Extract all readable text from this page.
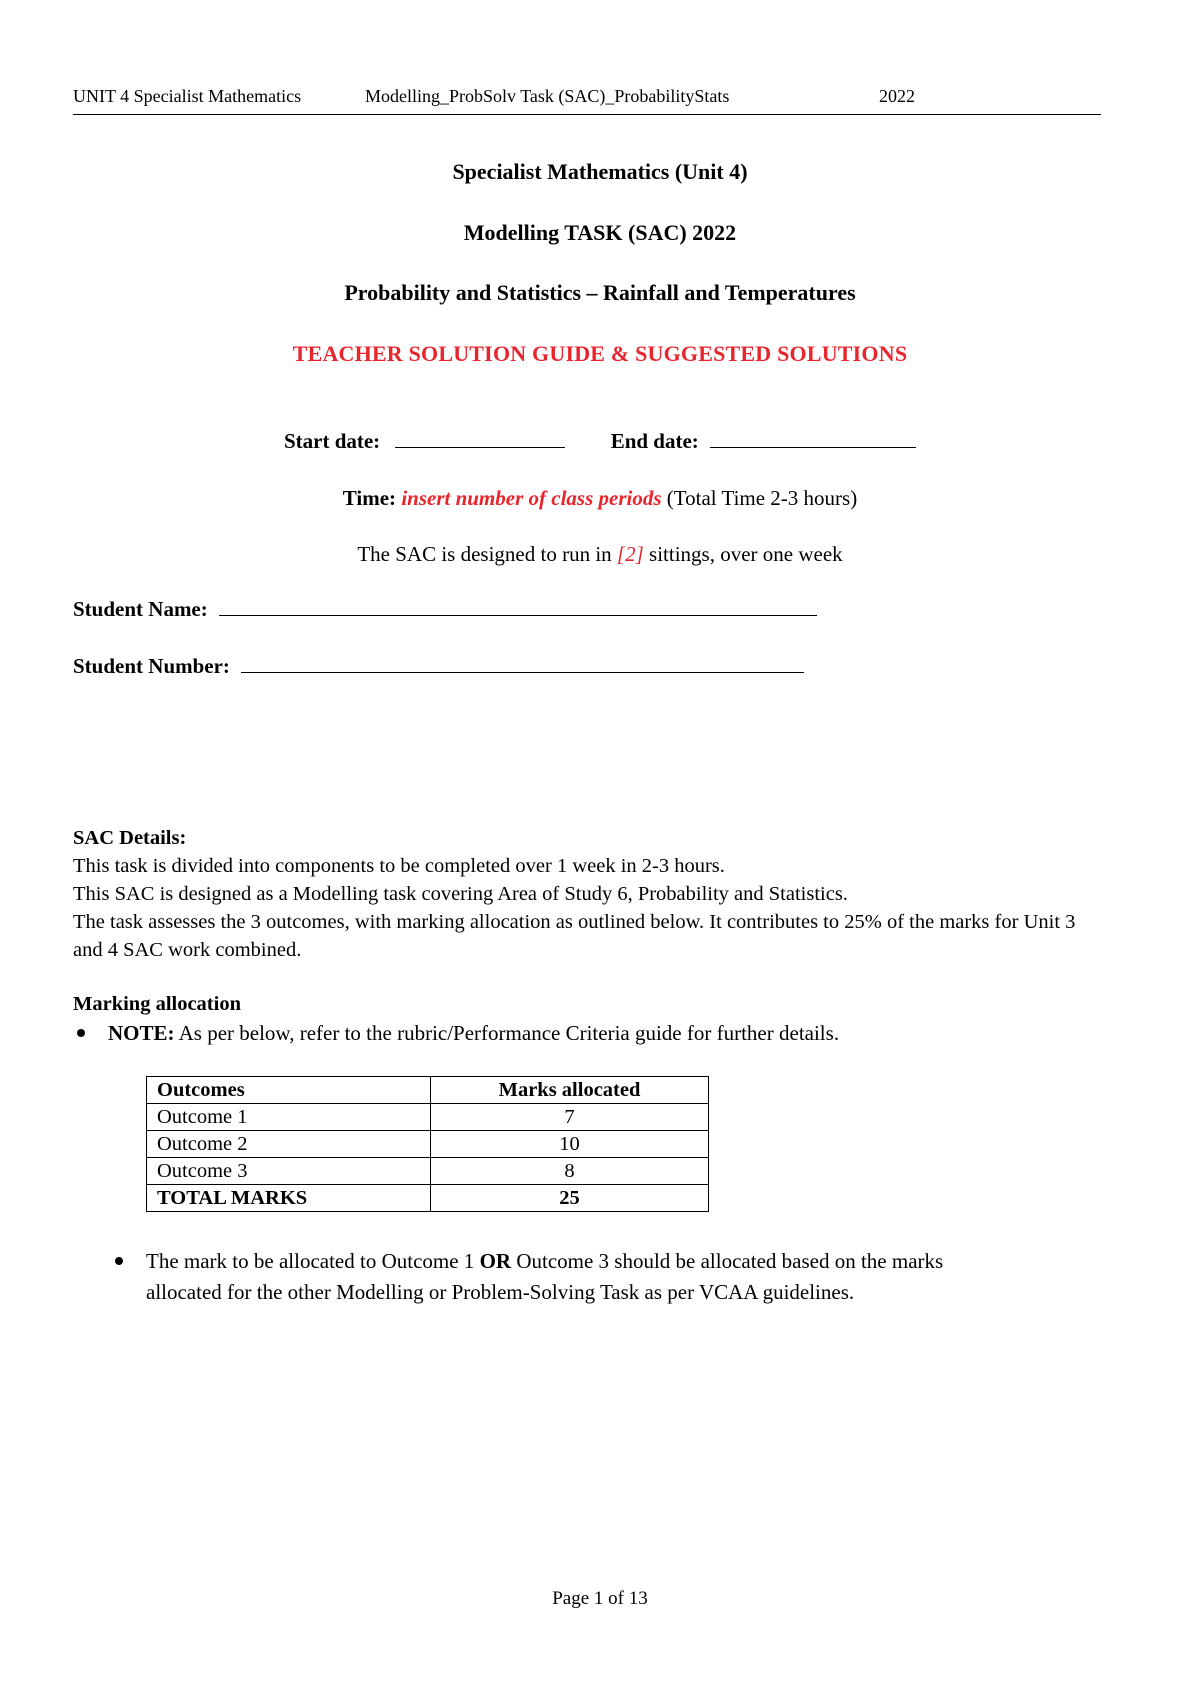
UNIT 4 Specialist Mathematics	Modelling_ProbSolv Task (SAC)_ProbabilityStats	2022
Specialist Mathematics (Unit 4)
Modelling TASK (SAC) 2022
Probability and Statistics – Rainfall and Temperatures
TEACHER SOLUTION GUIDE & SUGGESTED SOLUTIONS
Start date:	End date:
Time: insert number of class periods (Total Time 2-3 hours)
The SAC is designed to run in [2] sittings, over one week
Student Name:
Student Number:
SAC Details:
This task is divided into components to be completed over 1 week in 2-3 hours.
This SAC is designed as a Modelling task covering Area of Study 6, Probability and Statistics.
The task assesses the 3 outcomes, with marking allocation as outlined below. It contributes to 25% of the marks for Unit 3 and 4 SAC work combined.
Marking allocation
NOTE: As per below, refer to the rubric/Performance Criteria guide for further details.
Outcomes	Marks allocated
Outcome 1	7
Outcome 2	10
Outcome 3	8
TOTAL MARKS	25
The mark to be allocated to Outcome 1 OR Outcome 3 should be allocated based on the marks
allocated for the other Modelling or Problem-Solving Task as per VCAA guidelines.
Page 1 of 13
